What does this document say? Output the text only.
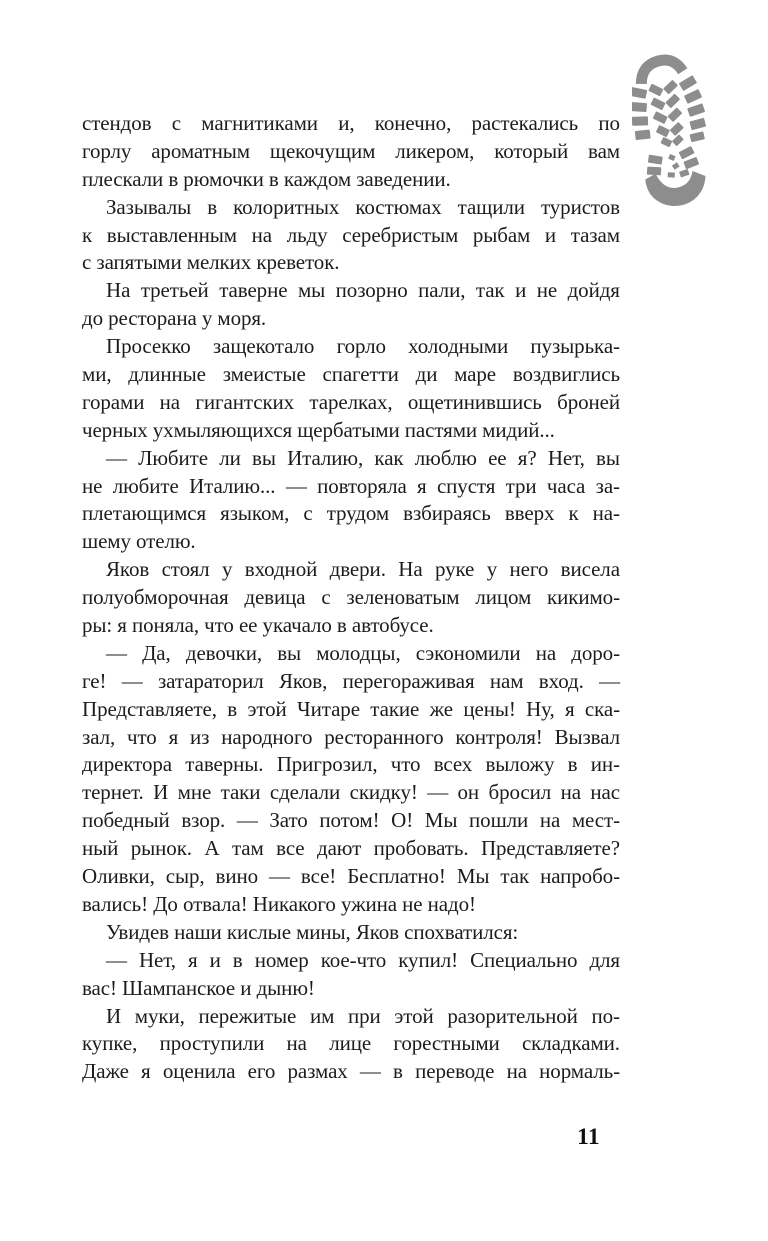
стендов с магнитиками и, конечно, растекались по
горлу ароматным щекочущим ликером, который вам
плескали в рюмочки в каждом заведении.
Зазывалы в колоритных костюмах тащили туристов
к выставленным на льду серебристым рыбам и тазам
с запятыми мелких креветок.
На третьей таверне мы позорно пали, так и не дойдя
до ресторана у моря.
Просекко защекотало горло холодными пузырька-
ми, длинные змеистые спагетти ди маре воздвиглись
горами на гигантских тарелках, ощетинившись броней
черных ухмыляющихся щербатыми пастями мидий...
— Любите ли вы Италию, как люблю ее я? Нет, вы
не любите Италию... — повторяла я спустя три часа за-
плетающимся языком, с трудом взбираясь вверх к на-
шему отелю.
Яков стоял у входной двери. На руке у него висела
полуобморочная девица с зеленоватым лицом кикимо-
ры: я поняла, что ее укачало в автобусе.
— Да, девочки, вы молодцы, сэкономили на доро-
ге! — затараторил Яков, перегораживая нам вход. —
Представляете, в этой Читаре такие же цены! Ну, я ска-
зал, что я из народного ресторанного контроля! Вызвал
директора таверны. Пригрозил, что всех выложу в ин-
тернет. И мне таки сделали скидку! — он бросил на нас
победный взор. — Зато потом! О! Мы пошли на мест-
ный рынок. А там все дают пробовать. Представляете?
Оливки, сыр, вино — все! Бесплатно! Мы так напробо-
вались! До отвала! Никакого ужина не надо!
Увидев наши кислые мины, Яков спохватился:
— Нет, я и в номер кое-что купил! Специально для
вас! Шампанское и дыню!
И муки, пережитые им при этой разорительной по-
купке, проступили на лице горестными складками.
Даже я оценила его размах — в переводе на нормаль-
11
